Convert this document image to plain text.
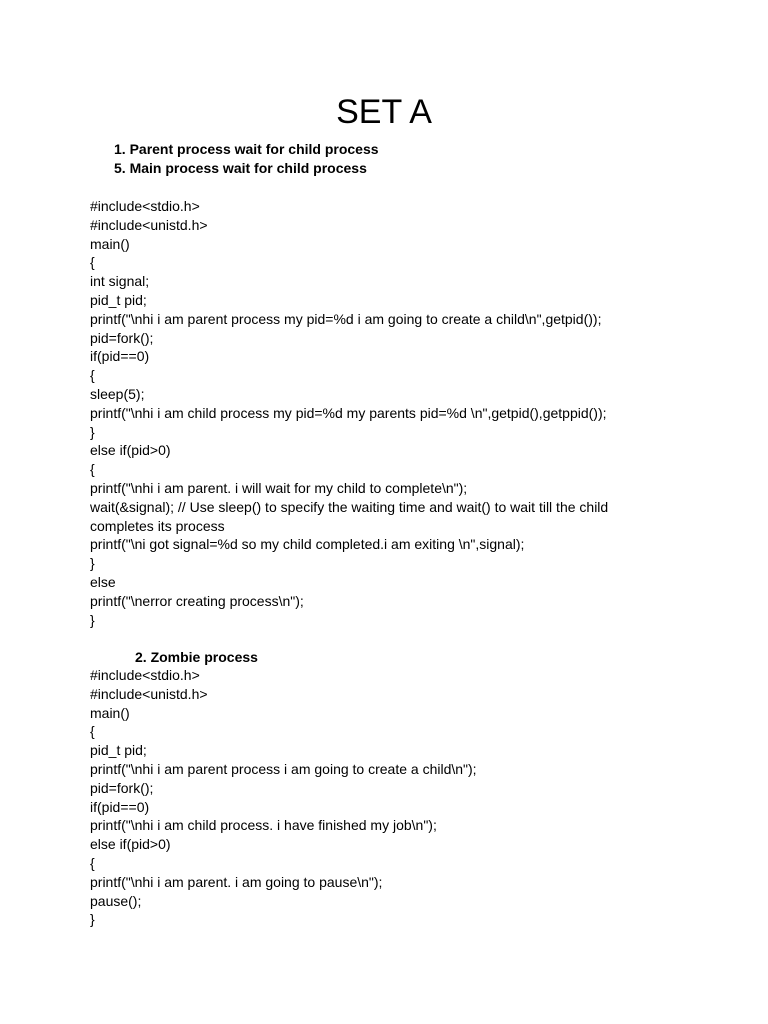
SET A
1. Parent process wait for child process
5. Main process wait for child process
#include<stdio.h>
#include<unistd.h>
main()
{
int signal;
pid_t pid;
printf("\nhi i am parent process my pid=%d i am going to create a child\n",getpid());
pid=fork();
if(pid==0)
{
sleep(5);
printf("\nhi i am child process my pid=%d my parents pid=%d \n",getpid(),getppid());
}
else if(pid>0)
{
printf("\nhi i am parent. i will wait for my child to complete\n");
wait(&signal); // Use sleep() to specify the waiting time and wait() to wait till the child completes its process
printf("\ni got signal=%d so my child completed.i am exiting \n",signal);
}
else
printf("\nerror creating process\n");
}
2. Zombie process
#include<stdio.h>
#include<unistd.h>
main()
{
pid_t pid;
printf("\nhi i am parent process i am going to create a child\n");
pid=fork();
if(pid==0)
printf("\nhi i am child process. i have finished my job\n");
else if(pid>0)
{
printf("\nhi i am parent. i am going to pause\n");
pause();
}
